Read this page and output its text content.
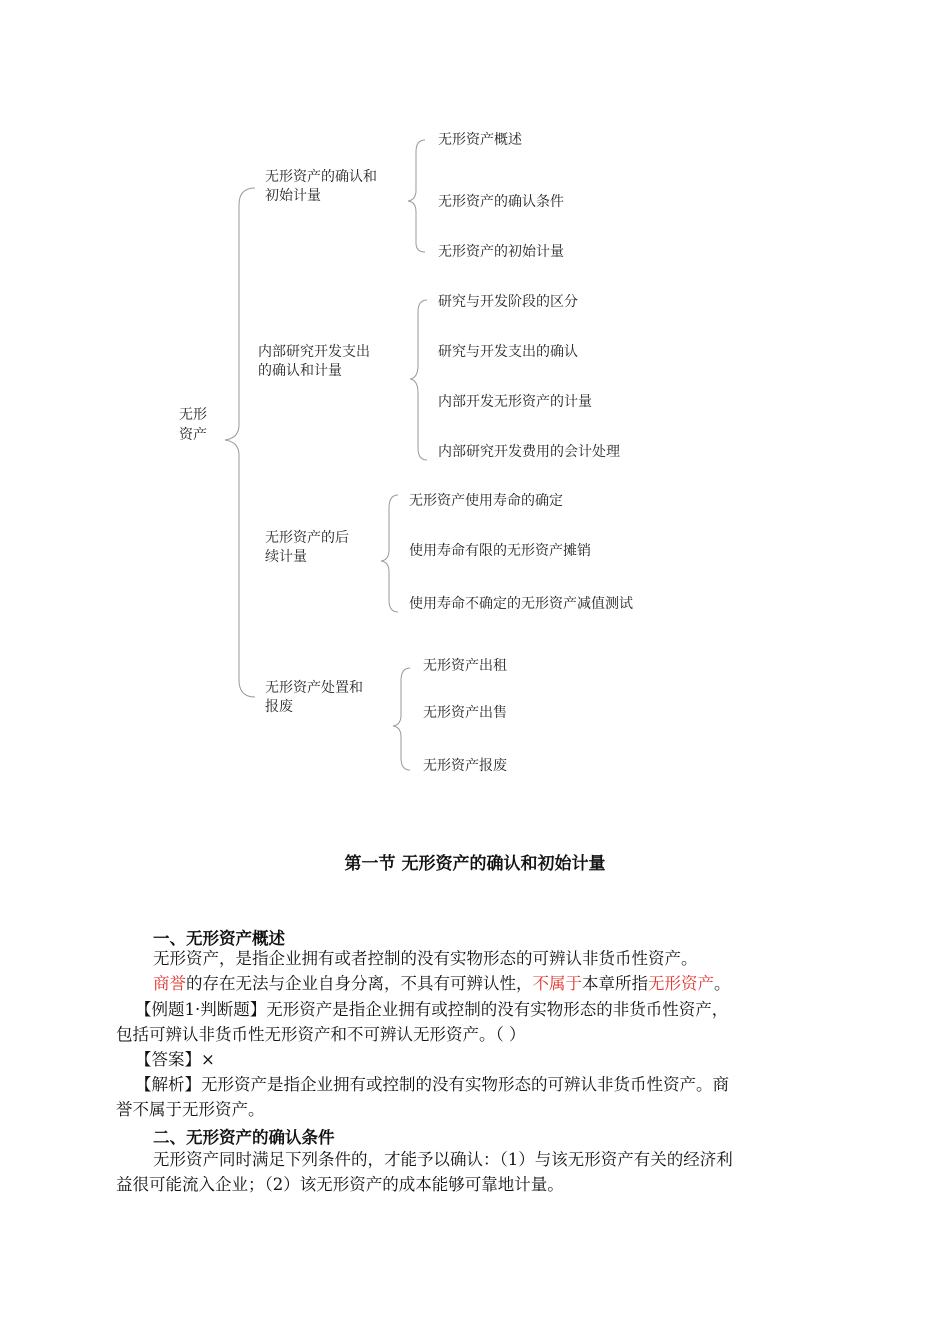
无形
资产
无形资产的确认和
初始计量
无形资产概述
无形资产的确认条件
无形资产的初始计量
内部研究开发支出
的确认和计量
研究与开发阶段的区分
研究与开发支出的确认
内部开发无形资产的计量
内部研究开发费用的会计处理
无形资产的后
续计量
无形资产使用寿命的确定
使用寿命有限的无形资产摊销
使用寿命不确定的无形资产减值测试
无形资产处置和
报废
无形资产出租
无形资产出售
无形资产报废
第一节 无形资产的确认和初始计量
一、无形资产概述
无形资产，是指企业拥有或者控制的没有实物形态的可辨认非货币性资产。
商誉的存在无法与企业自身分离，不具有可辨认性，不属于本章所指无形资产。
【例题1·判断题】无形资产是指企业拥有或控制的没有实物形态的非货币性资产，
包括可辨认非货币性无形资产和不可辨认无形资产。（ ）
【答案】×
【解析】无形资产是指企业拥有或控制的没有实物形态的可辨认非货币性资产。商
誉不属于无形资产。
二、无形资产的确认条件
无形资产同时满足下列条件的，才能予以确认：（1）与该无形资产有关的经济利
益很可能流入企业；（2）该无形资产的成本能够可靠地计量。
